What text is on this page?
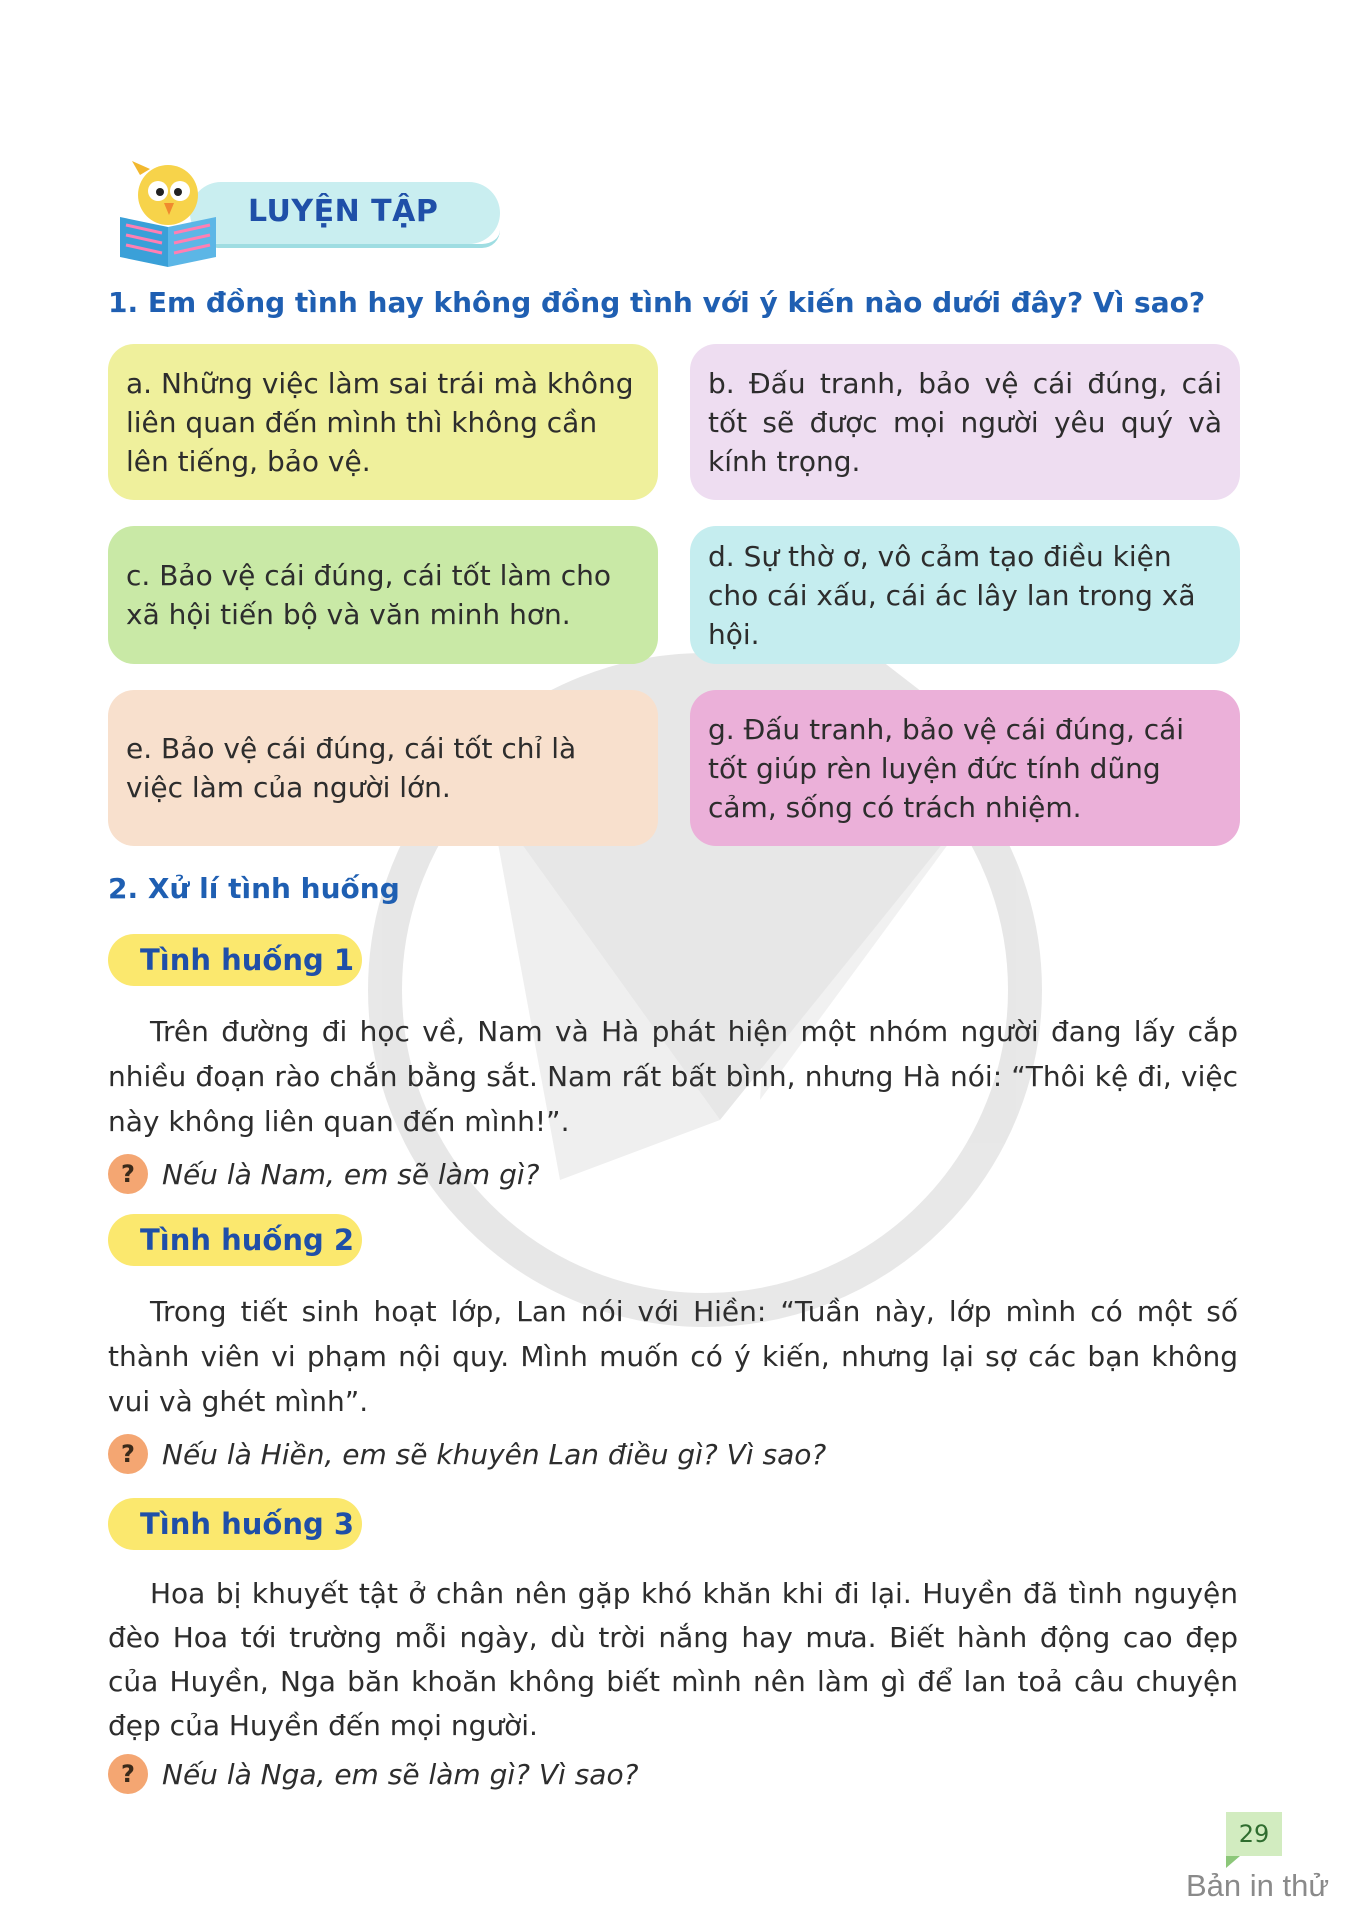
LUYỆN TẬP
1. Em đồng tình hay không đồng tình với ý kiến nào dưới đây? Vì sao?
a. Những việc làm sai trái mà không liên quan đến mình thì không cần lên tiếng, bảo vệ.
b. Đấu tranh, bảo vệ cái đúng, cái tốt sẽ được mọi người yêu quý và kính trọng.
c. Bảo vệ cái đúng, cái tốt làm cho xã hội tiến bộ và văn minh hơn.
d. Sự thờ ơ, vô cảm tạo điều kiện cho cái xấu, cái ác lây lan trong xã hội.
e. Bảo vệ cái đúng, cái tốt chỉ là việc làm của người lớn.
g. Đấu tranh, bảo vệ cái đúng, cái tốt giúp rèn luyện đức tính dũng cảm, sống có trách nhiệm.
2. Xử lí tình huống
Tình huống 1
Trên đường đi học về, Nam và Hà phát hiện một nhóm người đang lấy cắp nhiều đoạn rào chắn bằng sắt. Nam rất bất bình, nhưng Hà nói: “Thôi kệ đi, việc này không liên quan đến mình!”.
? Nếu là Nam, em sẽ làm gì?
Tình huống 2
Trong tiết sinh hoạt lớp, Lan nói với Hiền: “Tuần này, lớp mình có một số thành viên vi phạm nội quy. Mình muốn có ý kiến, nhưng lại sợ các bạn không vui và ghét mình”.
? Nếu là Hiền, em sẽ khuyên Lan điều gì? Vì sao?
Tình huống 3
Hoa bị khuyết tật ở chân nên gặp khó khăn khi đi lại. Huyền đã tình nguyện đèo Hoa tới trường mỗi ngày, dù trời nắng hay mưa. Biết hành động cao đẹp của Huyền, Nga băn khoăn không biết mình nên làm gì để lan toả câu chuyện đẹp của Huyền đến mọi người.
? Nếu là Nga, em sẽ làm gì? Vì sao?
29
Bản in thử
